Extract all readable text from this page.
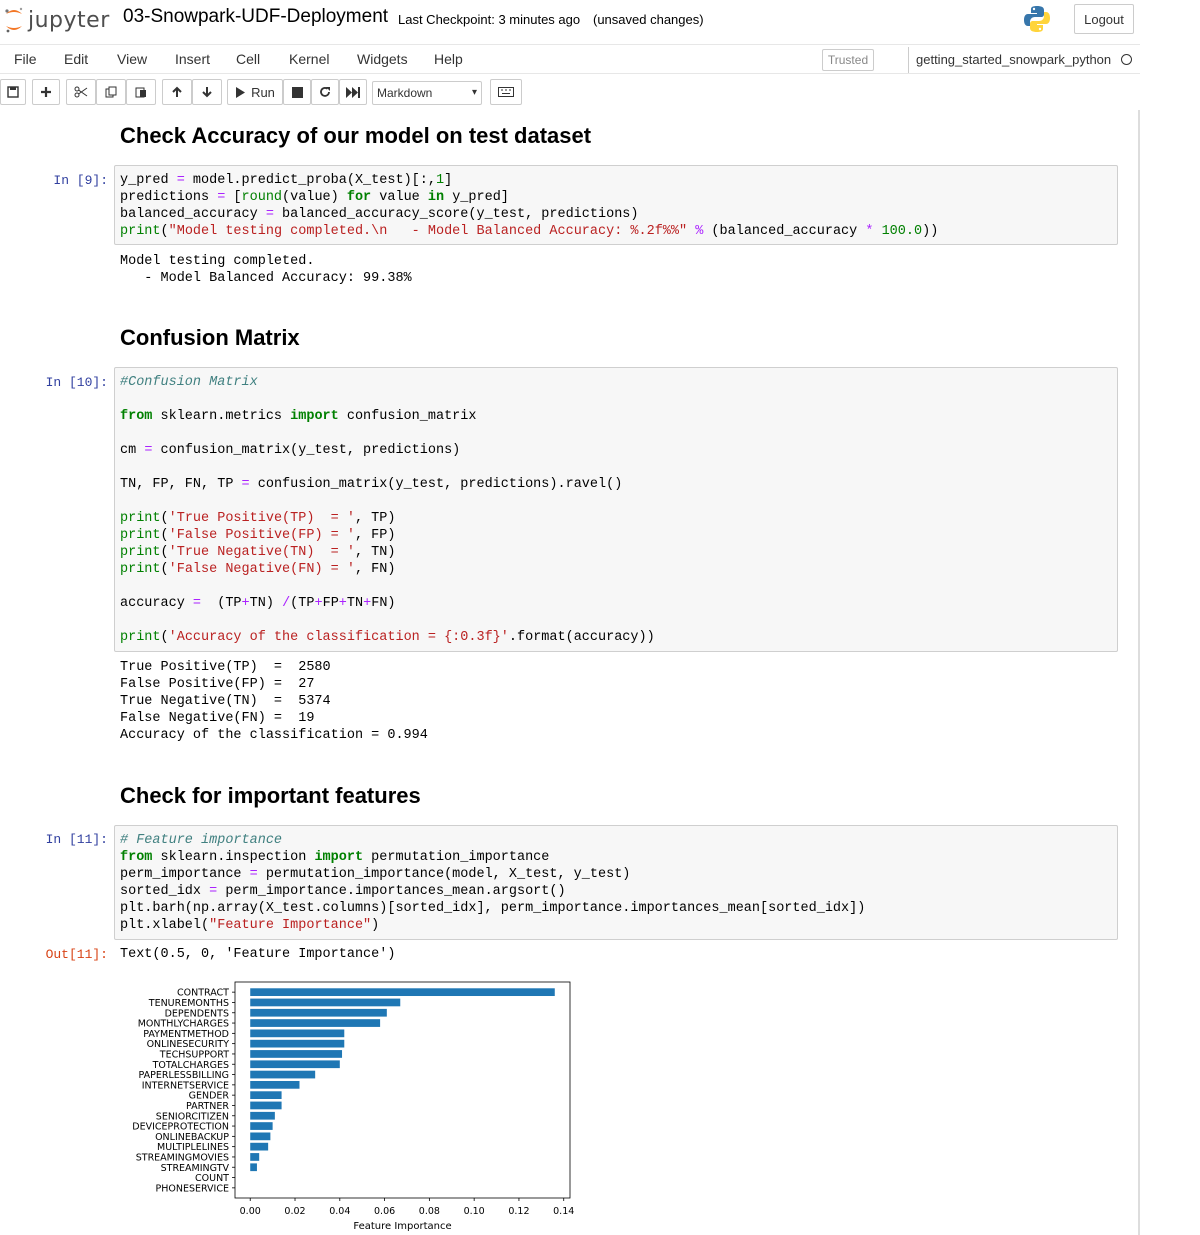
jupyter 03-Snowpark-UDF-Deployment Last Checkpoint: 3 minutes ago (unsaved changes)	Logout
File Edit View Insert Cell Kernel Widgets Help	Trusted	getting_started_snowpark_python
Run	Markdown	▾
Check Accuracy of our model on test dataset
In [9]: y_pred = model.predict_proba(X_test)[:,1]
predictions = [round(value) for value in y_pred]
balanced_accuracy = balanced_accuracy_score(y_test, predictions)
print("Model testing completed.\n   - Model Balanced Accuracy: %.2f%%" % (balanced_accuracy * 100.0))
Model testing completed.
- Model Balanced Accuracy: 99.38%
Confusion Matrix
In [10]: #Confusion Matrix
from sklearn.metrics import confusion_matrix
cm = confusion_matrix(y_test, predictions)
TN, FP, FN, TP = confusion_matrix(y_test, predictions).ravel()
print('True Positive(TP)  = ', TP)
print('False Positive(FP) = ', FP)
print('True Negative(TN)  = ', TN)
print('False Negative(FN) = ', FN)
accuracy =  (TP+TN) /(TP+FP+TN+FN)
print('Accuracy of the classification = {:0.3f}'.format(accuracy))
True Positive(TP)  =  2580
False Positive(FP) =  27
True Negative(TN)  =  5374
False Negative(FN) =  19
Accuracy of the classification = 0.994
Check for important features
In [11]: # Feature importance
from sklearn.inspection import permutation_importance
perm_importance = permutation_importance(model, X_test, y_test)
sorted_idx = perm_importance.importances_mean.argsort()
plt.barh(np.array(X_test.columns)[sorted_idx], perm_importance.importances_mean[sorted_idx])
plt.xlabel("Feature Importance")
Out[11]: Text(0.5, 0, 'Feature Importance')
CONTRACT
TENUREMONTHS
DEPENDENTS
MONTHLYCHARGES
PAYMENTMETHOD
ONLINESECURITY
TECHSUPPORT
TOTALCHARGES
PAPERLESSBILLING
INTERNETSERVICE
GENDER
PARTNER
SENIORCITIZEN
DEVICEPROTECTION
ONLINEBACKUP
MULTIPLELINES
STREAMINGMOVIES
STREAMINGTV
COUNT
PHONESERVICE
0.00 0.02 0.04 0.06 0.08 0.10 0.12 0.14
Feature Importance
